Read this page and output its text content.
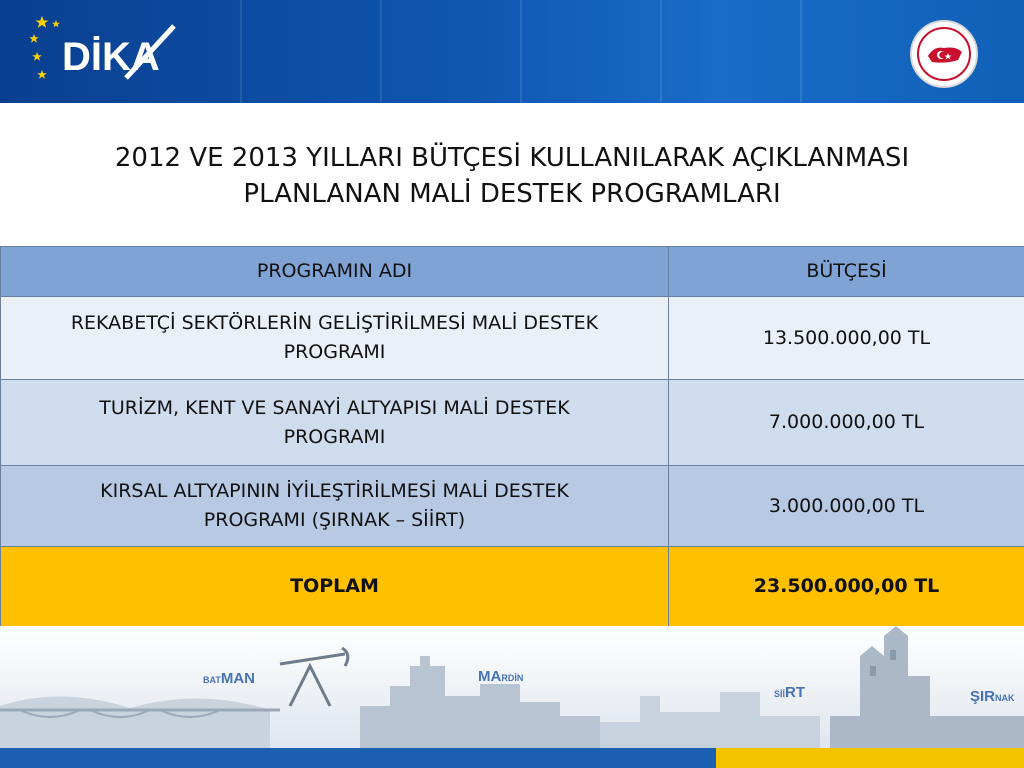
DİKA
2012 VE 2013 YILLARI BÜTÇESİ KULLANILARAK AÇIKLANMASI
PLANLANAN MALİ DESTEK PROGRAMLARI
PROGRAMIN ADI	BÜTÇESİ

REKABETÇİ SEKTÖRLERİN GELİŞTİRİLMESİ MALİ DESTEK
PROGRAMI	13.500.000,00 TL

TURİZM, KENT VE SANAYİ ALTYAPISI MALİ DESTEK
PROGRAMI	7.000.000,00 TL

KIRSAL ALTYAPININ İYİLEŞTİRİLMESİ MALİ DESTEK
PROGRAMI (ŞIRNAK – SİİRT)	3.000.000,00 TL
TOPLAM	23.500.000,00 TL
BATMAN	MARDİN
SİİRT	ŞIRNAK
